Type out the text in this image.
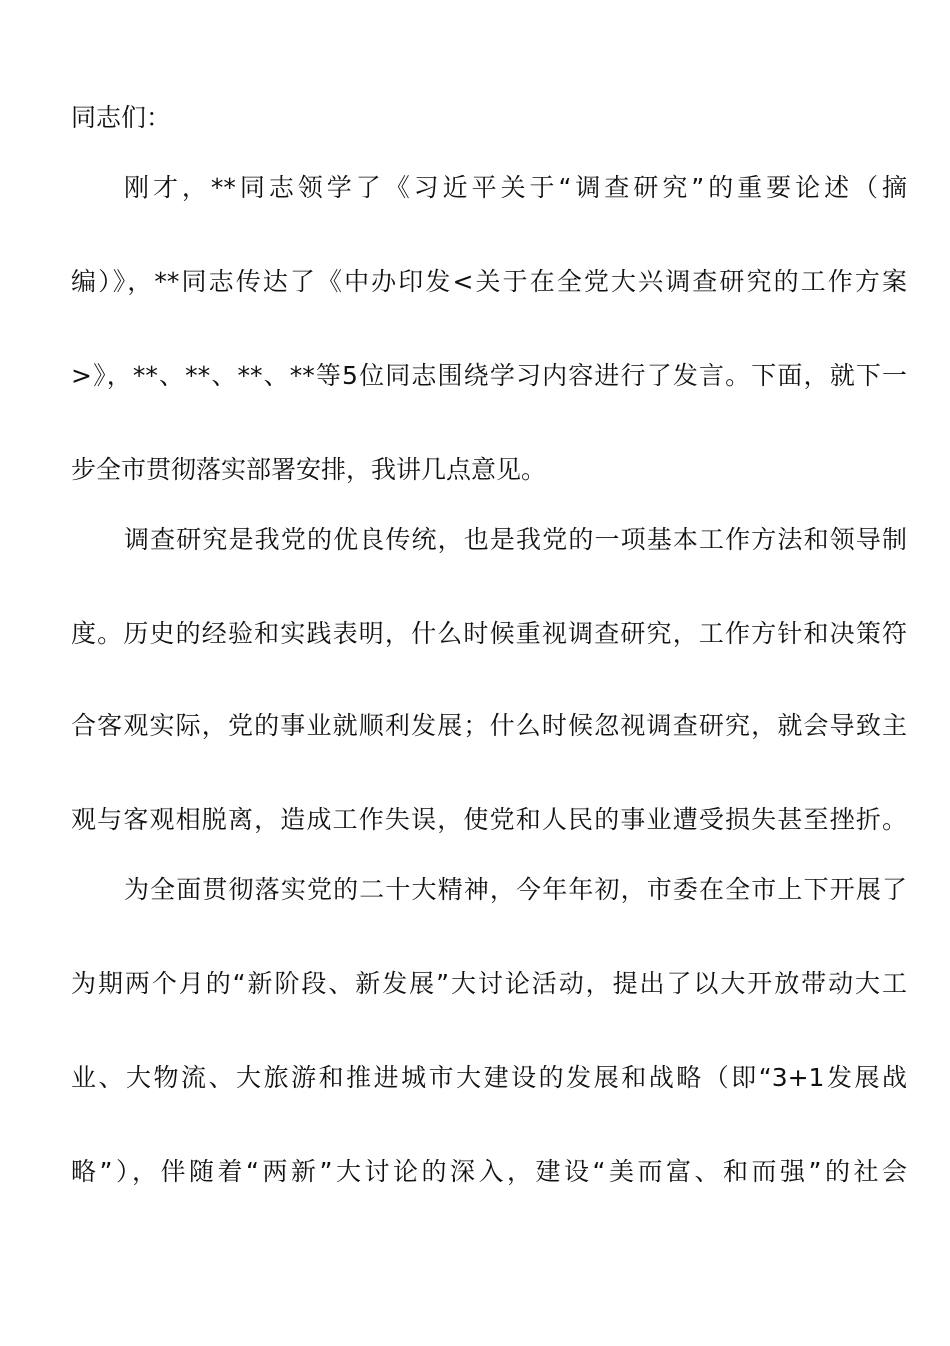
同志们：
刚才，**同志领学了《习近平关于“调查研究”的重要论述（摘
编）》，**同志传达了《中办印发<关于在全党大兴调查研究的工作方案
>》，**、**、**、**等5位同志围绕学习内容进行了发言。下面，就下一
步全市贯彻落实部署安排，我讲几点意见。
调查研究是我党的优良传统，也是我党的一项基本工作方法和领导制
度。历史的经验和实践表明，什么时候重视调查研究，工作方针和决策符
合客观实际，党的事业就顺利发展；什么时候忽视调查研究，就会导致主
观与客观相脱离，造成工作失误，使党和人民的事业遭受损失甚至挫折。
为全面贯彻落实党的二十大精神，今年年初，市委在全市上下开展了
为期两个月的“新阶段、新发展”大讨论活动，提出了以大开放带动大工
业、大物流、大旅游和推进城市大建设的发展和战略（即“3+1发展战
略”），伴随着“两新”大讨论的深入，建设“美而富、和而强”的社会
